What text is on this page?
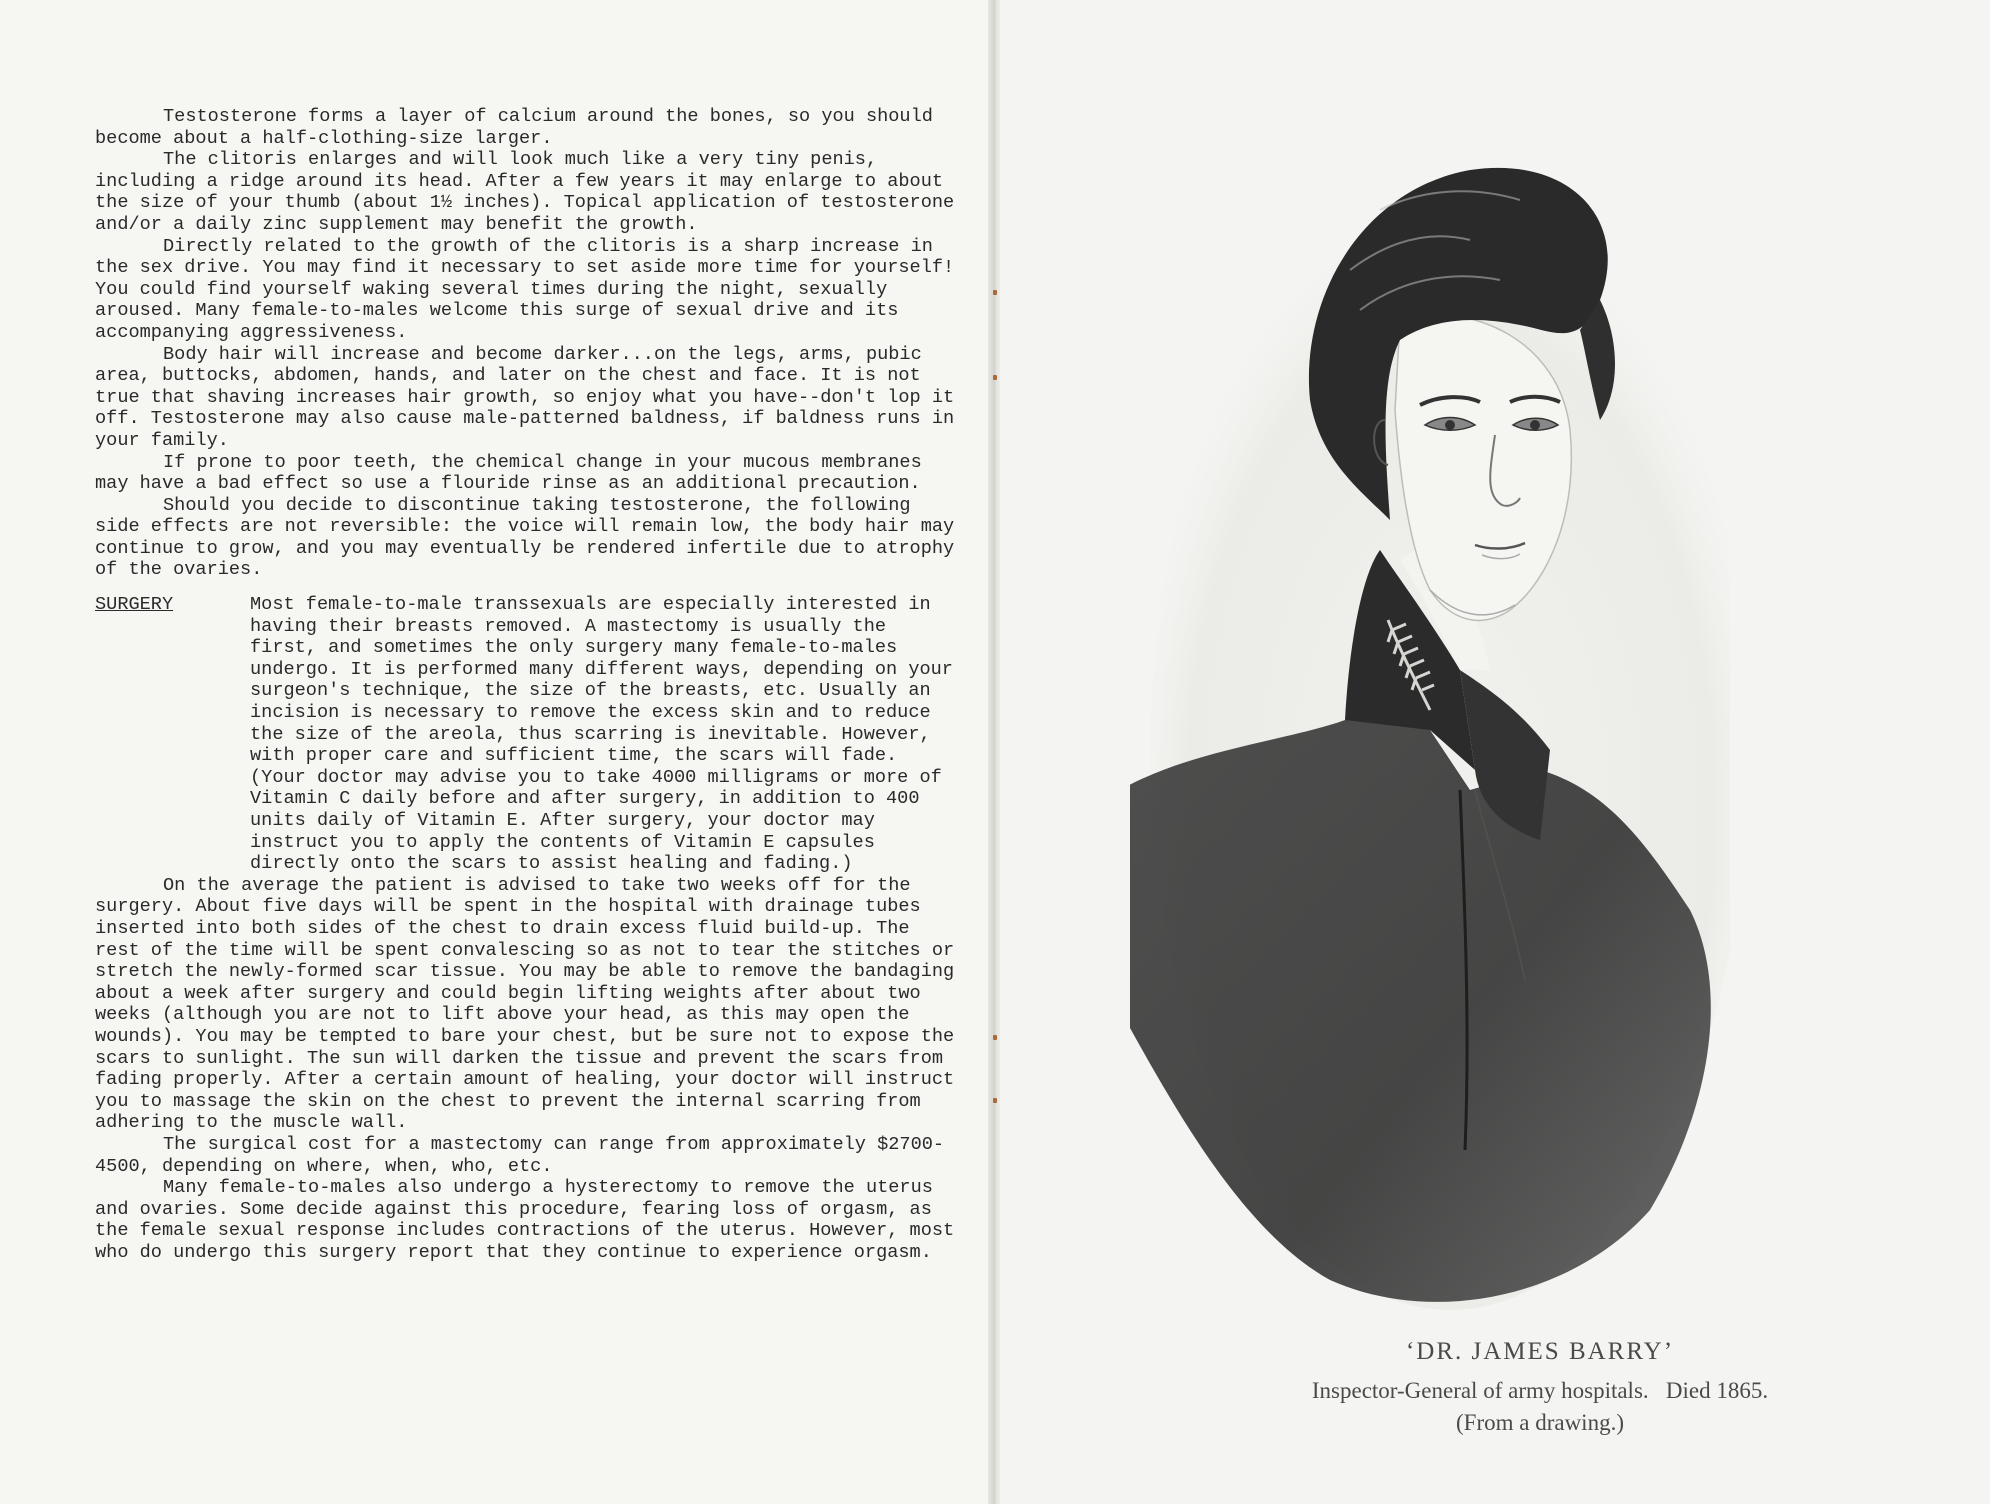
Testosterone forms a layer of calcium around the bones, so you should become about a half-clothing-size larger.

The clitoris enlarges and will look much like a very tiny penis, including a ridge around its head. After a few years it may enlarge to about the size of your thumb (about 1½ inches). Topical application of testosterone and/or a daily zinc supplement may benefit the growth.

Directly related to the growth of the clitoris is a sharp increase in the sex drive. You may find it necessary to set aside more time for yourself! You could find yourself waking several times during the night, sexually aroused. Many female-to-males welcome this surge of sexual drive and its accompanying aggressiveness.

Body hair will increase and become darker...on the legs, arms, pubic area, buttocks, abdomen, hands, and later on the chest and face. It is not true that shaving increases hair growth, so enjoy what you have--don't lop it off. Testosterone may also cause male-patterned baldness, if baldness runs in your family.

If prone to poor teeth, the chemical change in your mucous membranes may have a bad effect so use a flouride rinse as an additional precaution.

Should you decide to discontinue taking testosterone, the following side effects are not reversible: the voice will remain low, the body hair may continue to grow, and you may eventually be rendered infertile due to atrophy of the ovaries.

SURGERY	Most female-to-male transsexuals are especially interested in having their breasts removed. A mastectomy is usually the first, and sometimes the only surgery many female-to-males undergo. It is performed many different ways, depending on your surgeon's technique, the size of the breasts, etc. Usually an incision is necessary to remove the excess skin and to reduce the size of the areola, thus scarring is inevitable. However, with proper care and sufficient time, the scars will fade. (Your doctor may advise you to take 4000 milligrams or more of Vitamin C daily before and after surgery, in addition to 400 units daily of Vitamin E. After surgery, your doctor may instruct you to apply the contents of Vitamin E capsules directly onto the scars to assist healing and fading.)

On the average the patient is advised to take two weeks off for the surgery. About five days will be spent in the hospital with drainage tubes inserted into both sides of the chest to drain excess fluid build-up. The rest of the time will be spent convalescing so as not to tear the stitches or stretch the newly-formed scar tissue. You may be able to remove the bandaging about a week after surgery and could begin lifting weights after about two weeks (although you are not to lift above your head, as this may open the wounds). You may be tempted to bare your chest, but be sure not to expose the scars to sunlight. The sun will darken the tissue and prevent the scars from fading properly. After a certain amount of healing, your doctor will instruct you to massage the skin on the chest to prevent the internal scarring from adhering to the muscle wall.

The surgical cost for a mastectomy can range from approximately $2700-4500, depending on where, when, who, etc.

Many female-to-males also undergo a hysterectomy to remove the uterus and ovaries. Some decide against this procedure, fearing loss of orgasm, as the female sexual response includes contractions of the uterus. However, most who do undergo this surgery report that they continue to experience orgasm.

‘DR. JAMES BARRY’
Inspector-General of army hospitals.   Died 1865.
(From a drawing.)
